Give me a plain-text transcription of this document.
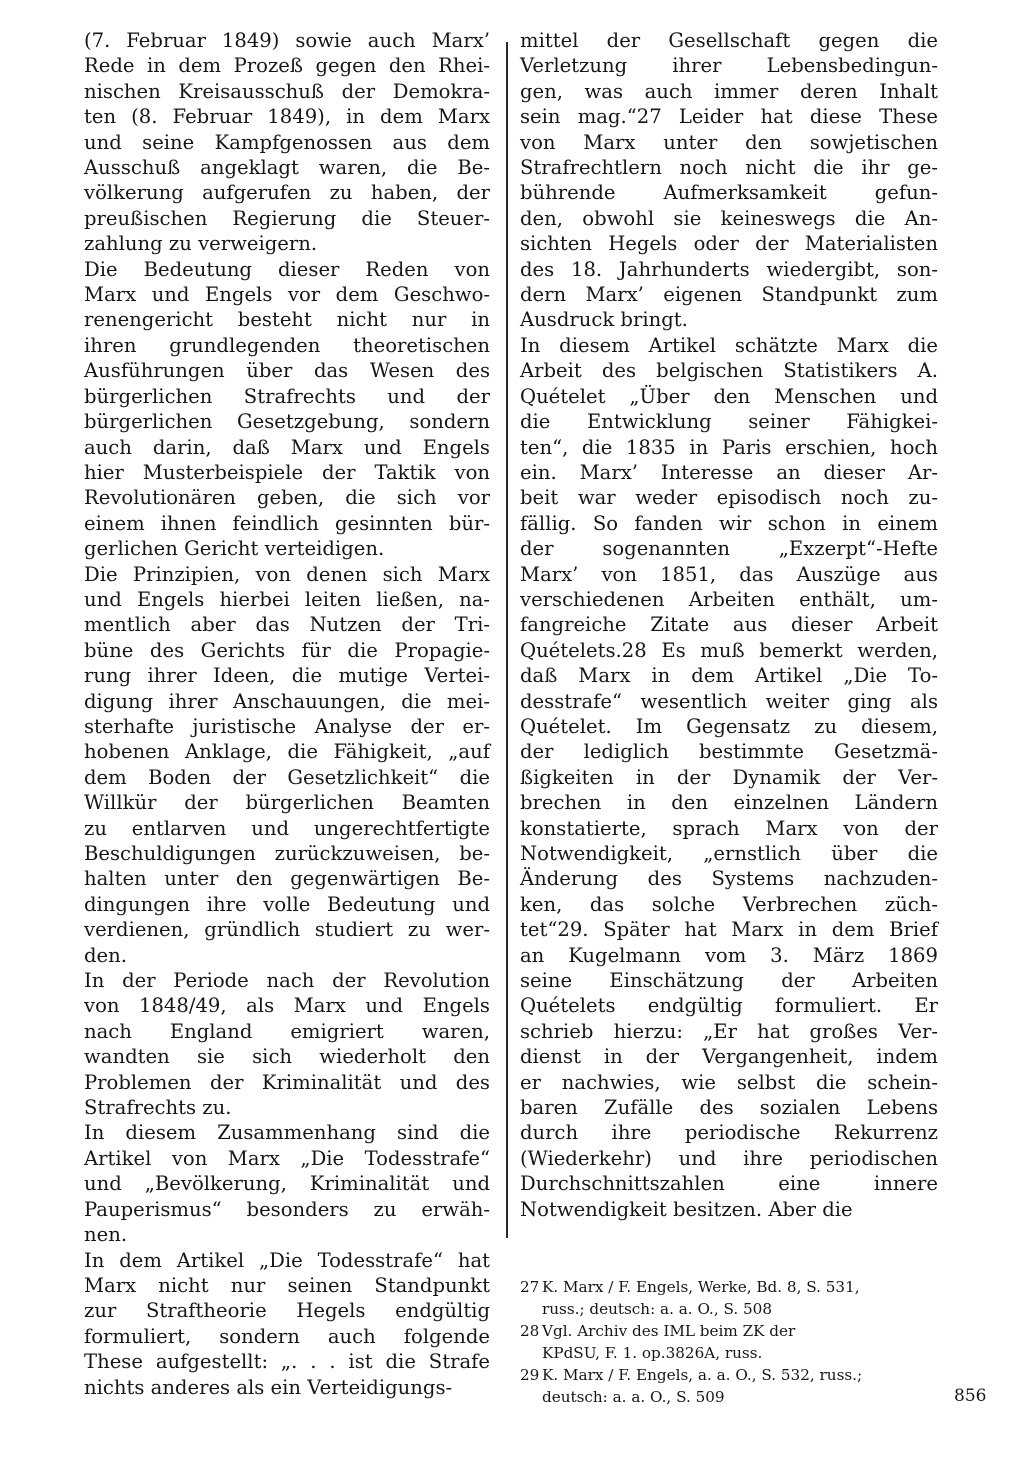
(7. Februar 1849) sowie auch Marx’
Rede in dem Prozeß gegen den Rhei-
nischen Kreisausschuß der Demokra-
ten (8. Februar 1849), in dem Marx
und seine Kampfgenossen aus dem
Ausschuß angeklagt waren, die Be-
völkerung aufgerufen zu haben, der
preußischen Regierung die Steuer-
zahlung zu verweigern.
Die Bedeutung dieser Reden von
Marx und Engels vor dem Geschwo-
renengericht besteht nicht nur in
ihren grundlegenden theoretischen
Ausführungen über das Wesen des
bürgerlichen Strafrechts und der
bürgerlichen Gesetzgebung, sondern
auch darin, daß Marx und Engels
hier Musterbeispiele der Taktik von
Revolutionären geben, die sich vor
einem ihnen feindlich gesinnten bür-
gerlichen Gericht verteidigen.
Die Prinzipien, von denen sich Marx
und Engels hierbei leiten ließen, na-
mentlich aber das Nutzen der Tri-
büne des Gerichts für die Propagie-
rung ihrer Ideen, die mutige Vertei-
digung ihrer Anschauungen, die mei-
sterhafte juristische Analyse der er-
hobenen Anklage, die Fähigkeit, „auf
dem Boden der Gesetzlichkeit“ die
Willkür der bürgerlichen Beamten
zu entlarven und ungerechtfertigte
Beschuldigungen zurückzuweisen, be-
halten unter den gegenwärtigen Be-
dingungen ihre volle Bedeutung und
verdienen, gründlich studiert zu wer-
den.
In der Periode nach der Revolution
von 1848/49, als Marx und Engels
nach England emigriert waren,
wandten sie sich wiederholt den
Problemen der Kriminalität und des
Strafrechts zu.
In diesem Zusammenhang sind die
Artikel von Marx „Die Todesstrafe“
und „Bevölkerung, Kriminalität und
Pauperismus“ besonders zu erwäh-
nen.
In dem Artikel „Die Todesstrafe“ hat
Marx nicht nur seinen Standpunkt
zur Straftheorie Hegels endgültig
formuliert, sondern auch folgende
These aufgestellt: „. . . ist die Strafe
nichts anderes als ein Verteidigungs-
mittel der Gesellschaft gegen die
Verletzung ihrer Lebensbedingun-
gen, was auch immer deren Inhalt
sein mag.“27 Leider hat diese These
von Marx unter den sowjetischen
Strafrechtlern noch nicht die ihr ge-
bührende Aufmerksamkeit gefun-
den, obwohl sie keineswegs die An-
sichten Hegels oder der Materialisten
des 18. Jahrhunderts wiedergibt, son-
dern Marx’ eigenen Standpunkt zum
Ausdruck bringt.
In diesem Artikel schätzte Marx die
Arbeit des belgischen Statistikers A.
Quételet „Über den Menschen und
die Entwicklung seiner Fähigkei-
ten“, die 1835 in Paris erschien, hoch
ein. Marx’ Interesse an dieser Ar-
beit war weder episodisch noch zu-
fällig. So fanden wir schon in einem
der sogenannten „Exzerpt“-Hefte
Marx’ von 1851, das Auszüge aus
verschiedenen Arbeiten enthält, um-
fangreiche Zitate aus dieser Arbeit
Quételets.28 Es muß bemerkt werden,
daß Marx in dem Artikel „Die To-
desstrafe“ wesentlich weiter ging als
Quételet. Im Gegensatz zu diesem,
der lediglich bestimmte Gesetzmä-
ßigkeiten in der Dynamik der Ver-
brechen in den einzelnen Ländern
konstatierte, sprach Marx von der
Notwendigkeit, „ernstlich über die
Änderung des Systems nachzuden-
ken, das solche Verbrechen züch-
tet“29. Später hat Marx in dem Brief
an Kugelmann vom 3. März 1869
seine Einschätzung der Arbeiten
Quételets endgültig formuliert. Er
schrieb hierzu: „Er hat großes Ver-
dienst in der Vergangenheit, indem
er nachwies, wie selbst die schein-
baren Zufälle des sozialen Lebens
durch ihre periodische Rekurrenz
(Wiederkehr) und ihre periodischen
Durchschnittszahlen eine innere
Notwendigkeit besitzen. Aber die
27 K. Marx / F. Engels, Werke, Bd. 8, S. 531,
russ.; deutsch: a. a. O., S. 508
28 Vgl. Archiv des IML beim ZK der
KPdSU, F. 1. op.3826A, russ.
29 K. Marx / F. Engels, a. a. O., S. 532, russ.;
deutsch: a. a. O., S. 509	856
